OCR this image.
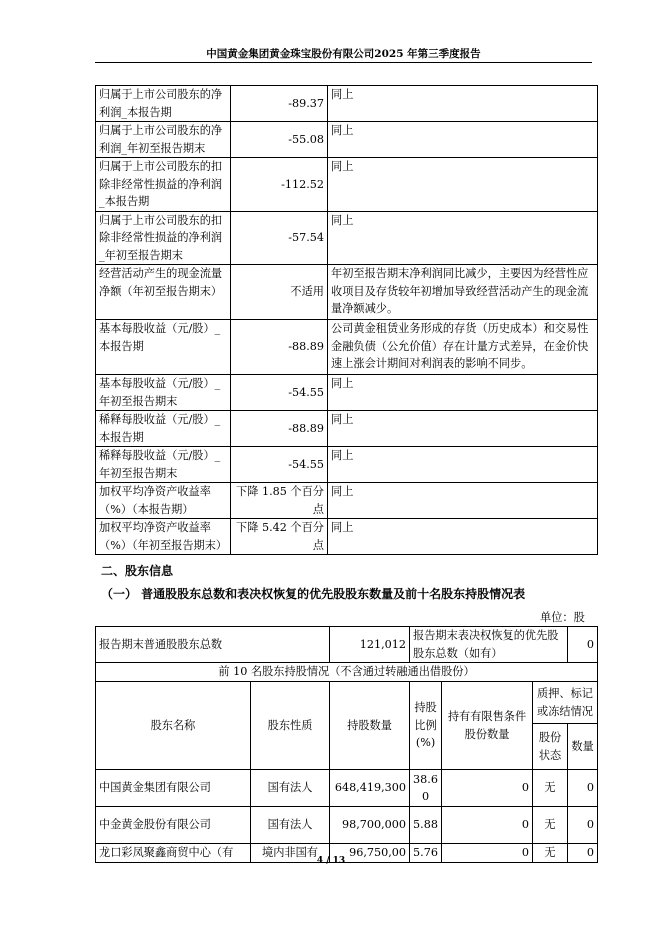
中国黄金集团黄金珠宝股份有限公司2025 年第三季度报告
归属于上市公司股东的净利润_本报告期	-89.37	同上
归属于上市公司股东的净利润_年初至报告期末	-55.08	同上
归属于上市公司股东的扣除非经常性损益的净利润_本报告期	-112.52	同上
归属于上市公司股东的扣除非经常性损益的净利润_年初至报告期末	-57.54	同上
经营活动产生的现金流量净额（年初至报告期末）	不适用	年初至报告期末净利润同比减少，主要因为经营性应收项目及存货较年初增加导致经营活动产生的现金流量净额减少。
基本每股收益（元/股）_本报告期	-88.89	公司黄金租赁业务形成的存货（历史成本）和交易性金融负债（公允价值）存在计量方式差异，在金价快速上涨会计期间对利润表的影响不同步。
基本每股收益（元/股）_年初至报告期末	-54.55	同上
稀释每股收益（元/股）_本报告期	-88.89	同上
稀释每股收益（元/股）_年初至报告期末	-54.55	同上
加权平均净资产收益率（%）（本报告期）	下降 1.85 个百分点	同上
加权平均净资产收益率（%）（年初至报告期末）	下降 5.42 个百分点	同上
二、股东信息
（一） 普通股股东总数和表决权恢复的优先股股东数量及前十名股东持股情况表
单位：股
报告期末普通股股东总数		121,012	报告期末表决权恢复的优先股股东总数（如有）			0
前 10 名股东持股情况（不含通过转融通出借股份）						
股东名称	股东性质	持股数量	持股比例(%)	持有有限售条件股份数量	质押、标记或冻结情况	
					股份状态	数量
中国黄金集团有限公司	国有法人	648,419,300	38.60	0	无	0
中金黄金股份有限公司	国有法人	98,700,000	5.88	0	无	0
龙口彩凤聚鑫商贸中心（有	境内非国有	96,750,00	5.76	0	无	0
4 / 13
